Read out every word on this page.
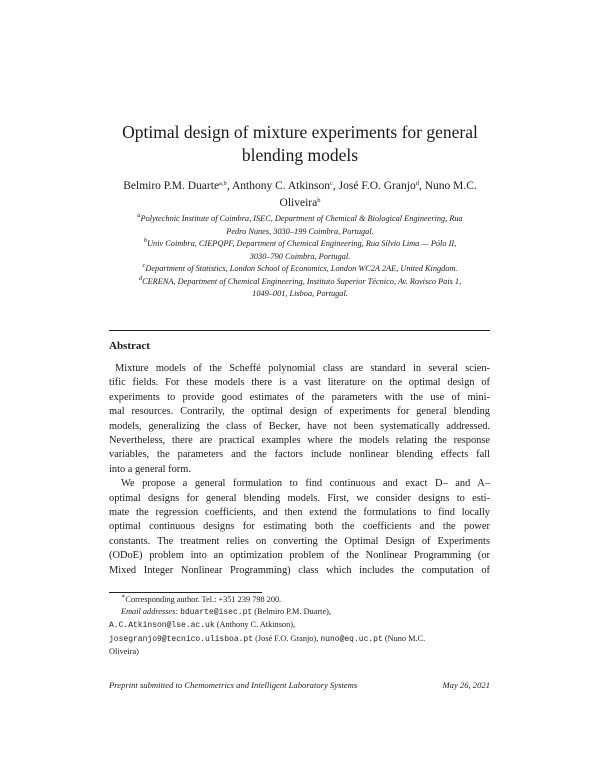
Optimal design of mixture experiments for general
blending models
Belmiro P.M. Duarte$^{a,b}$, Anthony C. Atkinson$^c$, José F.O. Granjo$^d$, Nuno M.C.
Oliveira$^b$
$^a$Polytechnic Institute of Coimbra, ISEC, Department of Chemical & Biological Engineering, Rua
Pedro Nunes, 3030–199 Coimbra, Portugal.
$^b$Univ Coimbra, CIEPQPF, Department of Chemical Engineering, Rua Sílvio Lima — Pólo II,
3030–790 Coimbra, Portugal.
$^c$Department of Statistics, London School of Economics, London WC2A 2AE, United Kingdom.
$^d$CERENA, Department of Chemical Engineering, Instituto Superior Técnico, Av. Rovisco Pais 1,
1049–001, Lisboa, Portugal.
Abstract
Mixture models of the Scheffé polynomial class are standard in several scien-
tific fields. For these models there is a vast literature on the optimal design of
experiments to provide good estimates of the parameters with the use of mini-
mal resources. Contrarily, the optimal design of experiments for general blending
models, generalizing the class of Becker, have not been systematically addressed.
Nevertheless, there are practical examples where the models relating the response
variables, the parameters and the factors include nonlinear blending effects fall
into a general form.
We propose a general formulation to find continuous and exact D– and A–
optimal designs for general blending models. First, we consider designs to esti-
mate the regression coefficients, and then extend the formulations to find locally
optimal continuous designs for estimating both the coefficients and the power
constants. The treatment relies on converting the Optimal Design of Experiments
(ODoE) problem into an optimization problem of the Nonlinear Programming (or
Mixed Integer Nonlinear Programming) class which includes the computation of
∗Corresponding author. Tel.: +351 239 798 200.
Email addresses: bduarte@isec.pt (Belmiro P.M. Duarte),
A.C.Atkinson@lse.ac.uk (Anthony C. Atkinson),
josegranjo9@tecnico.ulisboa.pt (José F.O. Granjo), nuno@eq.uc.pt (Nuno M.C.
Oliveira)
Preprint submitted to Chemometrics and Intelligent Laboratory Systems	May 26, 2021
